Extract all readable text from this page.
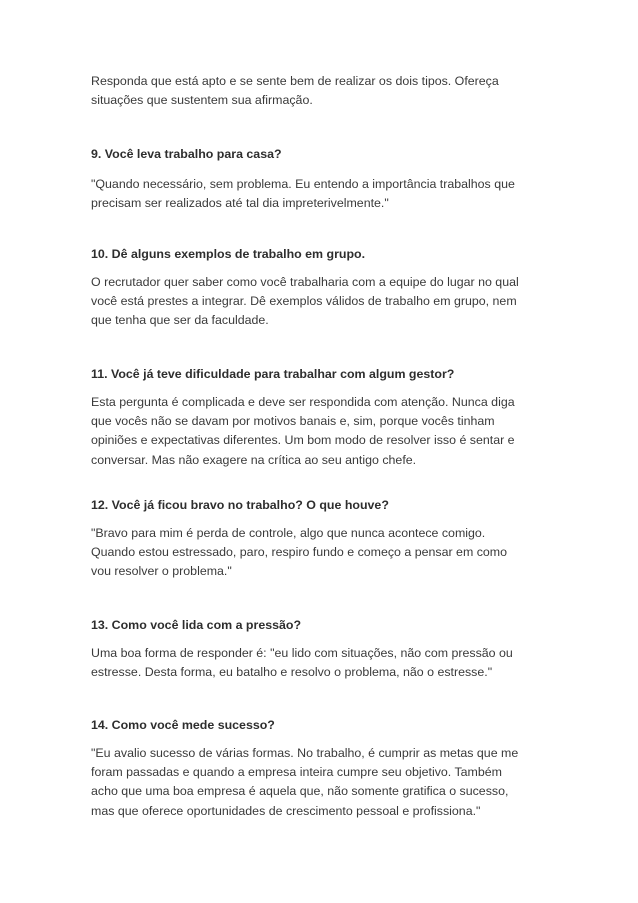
Responda que está apto e se sente bem de realizar os dois tipos. Ofereça
situações que sustentem sua afirmação.

9. Você leva trabalho para casa?

"Quando necessário, sem problema. Eu entendo a importância trabalhos que
precisam ser realizados até tal dia impreterivelmente."

10. Dê alguns exemplos de trabalho em grupo.

O recrutador quer saber como você trabalharia com a equipe do lugar no qual
você está prestes a integrar. Dê exemplos válidos de trabalho em grupo, nem
que tenha que ser da faculdade.

11. Você já teve dificuldade para trabalhar com algum gestor?

Esta pergunta é complicada e deve ser respondida com atenção. Nunca diga
que vocês não se davam por motivos banais e, sim, porque vocês tinham
opiniões e expectativas diferentes. Um bom modo de resolver isso é sentar e
conversar. Mas não exagere na crítica ao seu antigo chefe.

12. Você já ficou bravo no trabalho? O que houve?

"Bravo para mim é perda de controle, algo que nunca acontece comigo.
Quando estou estressado, paro, respiro fundo e começo a pensar em como
vou resolver o problema."

13. Como você lida com a pressão?

Uma boa forma de responder é: "eu lido com situações, não com pressão ou
estresse. Desta forma, eu batalho e resolvo o problema, não o estresse."

14. Como você mede sucesso?

"Eu avalio sucesso de várias formas. No trabalho, é cumprir as metas que me
foram passadas e quando a empresa inteira cumpre seu objetivo. Também
acho que uma boa empresa é aquela que, não somente gratifica o sucesso,
mas que oferece oportunidades de crescimento pessoal e profissiona."
